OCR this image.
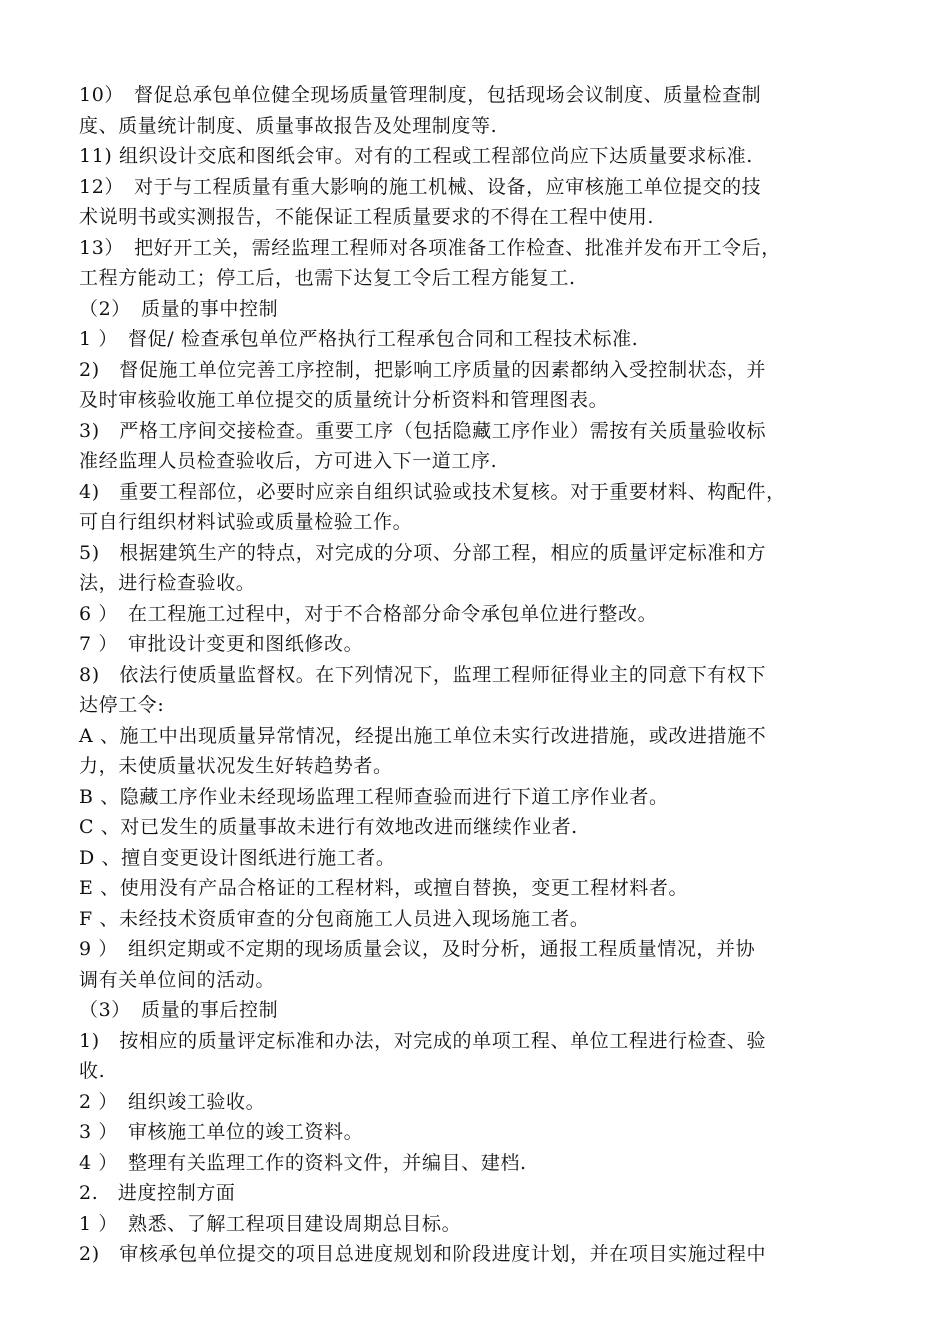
10）　督促总承包单位健全现场质量管理制度，包括现场会议制度、质量检查制
度、质量统计制度、质量事故报告及处理制度等.
11) 组织设计交底和图纸会审。对有的工程或工程部位尚应下达质量要求标准.
12）　对于与工程质量有重大影响的施工机械、设备，应审核施工单位提交的技
术说明书或实测报告，不能保证工程质量要求的不得在工程中使用.
13）　把好开工关，需经监理工程师对各项准备工作检查、批准并发布开工令后，
工程方能动工；停工后，也需下达复工令后工程方能复工.
（2）　质量的事中控制
1 ）　督促/ 检查承包单位严格执行工程承包合同和工程技术标准.
2)　督促施工单位完善工序控制，把影响工序质量的因素都纳入受控制状态，并
及时审核验收施工单位提交的质量统计分析资料和管理图表。
3)　严格工序间交接检查。重要工序（包括隐藏工序作业）需按有关质量验收标
准经监理人员检查验收后，方可进入下一道工序.
4)　重要工程部位，必要时应亲自组织试验或技术复核。对于重要材料、构配件，
可自行组织材料试验或质量检验工作。
5)　根据建筑生产的特点，对完成的分项、分部工程，相应的质量评定标准和方
法，进行检查验收。
6 ）　在工程施工过程中，对于不合格部分命令承包单位进行整改。
7 ）　审批设计变更和图纸修改。
8)　依法行使质量监督权。在下列情况下，监理工程师征得业主的同意下有权下
达停工令:
A 、施工中出现质量异常情况，经提出施工单位未实行改进措施，或改进措施不
力，未使质量状况发生好转趋势者。
B 、隐藏工序作业未经现场监理工程师查验而进行下道工序作业者。
C 、对已发生的质量事故未进行有效地改进而继续作业者.
D 、擅自变更设计图纸进行施工者。
E 、使用没有产品合格证的工程材料，或擅自替换，变更工程材料者。
F 、未经技术资质审查的分包商施工人员进入现场施工者。
9 ）　组织定期或不定期的现场质量会议，及时分析，通报工程质量情况，并协
调有关单位间的活动。
（3）　质量的事后控制
1)　按相应的质量评定标准和办法，对完成的单项工程、单位工程进行检查、验
收.
2 ）　组织竣工验收。
3 ）　审核施工单位的竣工资料。
4 ）　整理有关监理工作的资料文件，并编目、建档.
2.　进度控制方面
1 ）　熟悉、了解工程项目建设周期总目标。
2)　审核承包单位提交的项目总进度规划和阶段进度计划，并在项目实施过程中
